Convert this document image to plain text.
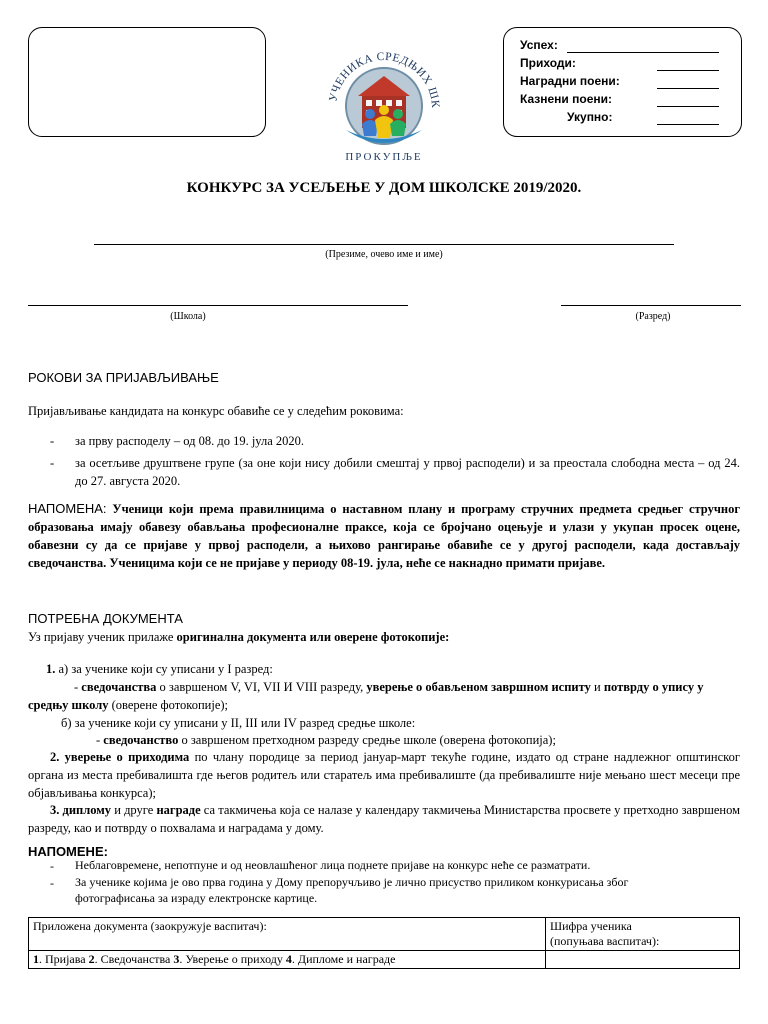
Успех:
Приходи:
Наградни поени:
Казнени поени:
Укупно:
УЧЕНИКА СРЕДЊИХ ШК
ПРОКУПЉЕ
КОНКУРС ЗА УСЕЉЕЊЕ У ДОМ ШКОЛСКЕ 2019/2020.
(Презиме, очево име и име)
(Школа)	(Разред)
РОКОВИ ЗА ПРИЈАВЉИВАЊЕ
Пријављивање кандидата на конкурс обавиће се у следећим роковима:
- за прву расподелу – од 08. до 19. јула 2020.
- за осетљиве друштвене групе (за оне који нису добили смештај у првој расподели) и за преостала слободна места – од 24. до 27. августа 2020.
НАПОМЕНА: Ученици који према правилницима о наставном плану и програму стручних предмета средњег стручног образовања имају обавезу обављања професионалне праксе, која се бројчано оцењује и улази у укупан просек оцене, обавезни су да се пријаве у првој расподели, а њихово рангирање обавиће се у другој расподели, када достављају сведочанства. Ученицима који се не пријаве у периоду 08-19. јула, неће се накнадно примати пријаве.
ПОТРЕБНА ДОКУМЕНТА
Уз пријаву ученик прилаже оригинална документа или оверене фотокопије:
1. а) за ученике који су уписани у I разред:
- сведочанства о завршеном V, VI, VII И VIII разреду, уверење о обављеном завршном испиту и потврду о упису у средњу школу (оверене фотокопије);
б) за ученике који су уписани у II, III или IV разред средње школе:
- сведочанство о завршеном претходном разреду средње школе (оверена фотокопија);
2. уверење о приходима по члану породице за период јануар-март текуће године, издато од стране надлежног општинског органа из места пребивалишта где његов родитељ или старатељ има пребивалиште (да пребивалиште није мењано шест месеци пре објављивања конкурса);
3. диплому и друге награде са такмичења која се налазе у календару такмичења Министарства просвете у претходно завршеном разреду, као и потврду о похвалама и наградама у дому.
НАПОМЕНЕ:
- Неблаговремене, непотпуне и од неовлашћеног лица поднете пријаве на конкурс неће се разматрати.
- За ученике којима је ово прва година у Дому препоручљиво је лично присуство приликом конкурисања због фотографисања за израду електронске картице.
Приложена документа (заокружује васпитач):	Шифра ученика
(попуњава васпитач):

1. Пријава 2. Сведочанства 3. Уверење о приходу 4. Дипломе и награде	
